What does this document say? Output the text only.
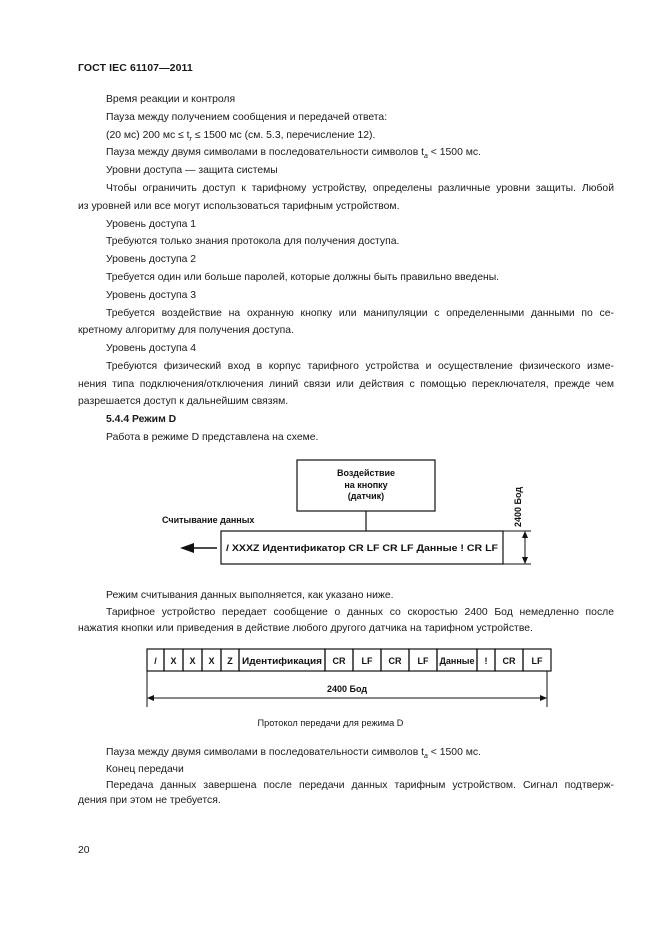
ГОСТ IEC 61107—2011
Время реакции и контроля
Пауза между получением сообщения и передачей ответа:
(20 мс) 200 мс ≤ $t_r \le 1500$ мс (см. 5.3, перечисление 12).
Пауза между двумя символами в последовательности символов $t_a < 1500$ мс.
Уровни доступа — защита системы
Чтобы ограничить доступ к тарифному устройству, определены различные уровни защиты. Любой
из уровней или все могут использоваться тарифным устройством.
Уровень доступа 1
Требуются только знания протокола для получения доступа.
Уровень доступа 2
Требуется один или больше паролей, которые должны быть правильно введены.
Уровень доступа 3
Требуется воздействие на охранную кнопку или манипуляции с определенными данными по се-
кретному алгоритму для получения доступа.
Уровень доступа 4
Требуются физический вход в корпус тарифного устройства и осуществление физического изме-
нения типа подключения/отключения линий связи или действия с помощью переключателя, прежде чем
разрешается доступ к дальнейшим связям.
5.4.4 Режим D
Работа в режиме D представлена на схеме.
Воздействие
на кнопку
(датчик)
Считывание данных
/ XXXZ Идентификатор CR LF CR LF Данные ! CR LF
2400 Бод
Режим считывания данных выполняется, как указано ниже.
Тарифное устройство передает сообщение о данных со скоростью 2400 Бод немедленно после
нажатия кнопки или приведения в действие любого другого датчика на тарифном устройстве.
/ X X X Z Идентификация CR LF CR LF Данные ! CR LF
2400 Бод
Протокол передачи для режима D
Пауза между двумя символами в последовательности символов $t_a < 1500$ мс.
Конец передачи
Передача данных завершена после передачи данных тарифным устройством. Сигнал подтверж-
дения при этом не требуется.
20
